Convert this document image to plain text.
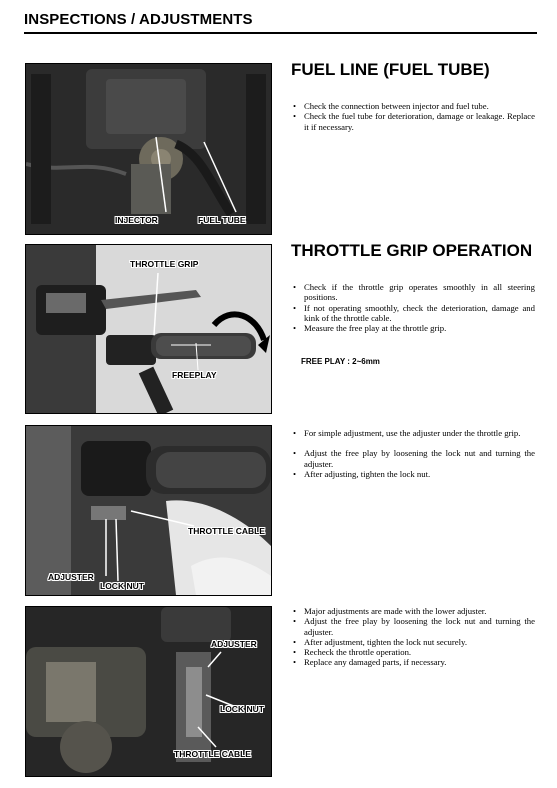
INSPECTIONS / ADJUSTMENTS
INJECTOR	FUEL TUBE
FUEL LINE (FUEL TUBE)
• Check the connection between injector and fuel tube.
• Check the fuel tube for deterioration, damage or leakage. Replace it if necessary.
THROTTLE GRIP
FREEPLAY
THROTTLE GRIP OPERATION
• Check if the throttle grip operates smoothly in all steering positions.
• If not operating smoothly, check the deterioration, damage and kink of the throttle cable.
• Measure the free play at the throttle grip.
FREE PLAY : 2~6mm
THROTTLE CABLE
ADJUSTER
LOCK NUT
• For simple adjustment, use the adjuster under the throttle grip.
• Adjust the free play by loosening the lock nut and turning the adjuster.
• After adjusting, tighten the lock nut.
ADJUSTER
LOCK NUT
THROTTLE CABLE
• Major adjustments are made with the lower adjuster.
• Adjust the free play by loosening the lock nut and turning the adjuster.
• After adjustment, tighten the lock nut securely.
• Recheck the throttle operation.
• Replace any damaged parts, if necessary.
